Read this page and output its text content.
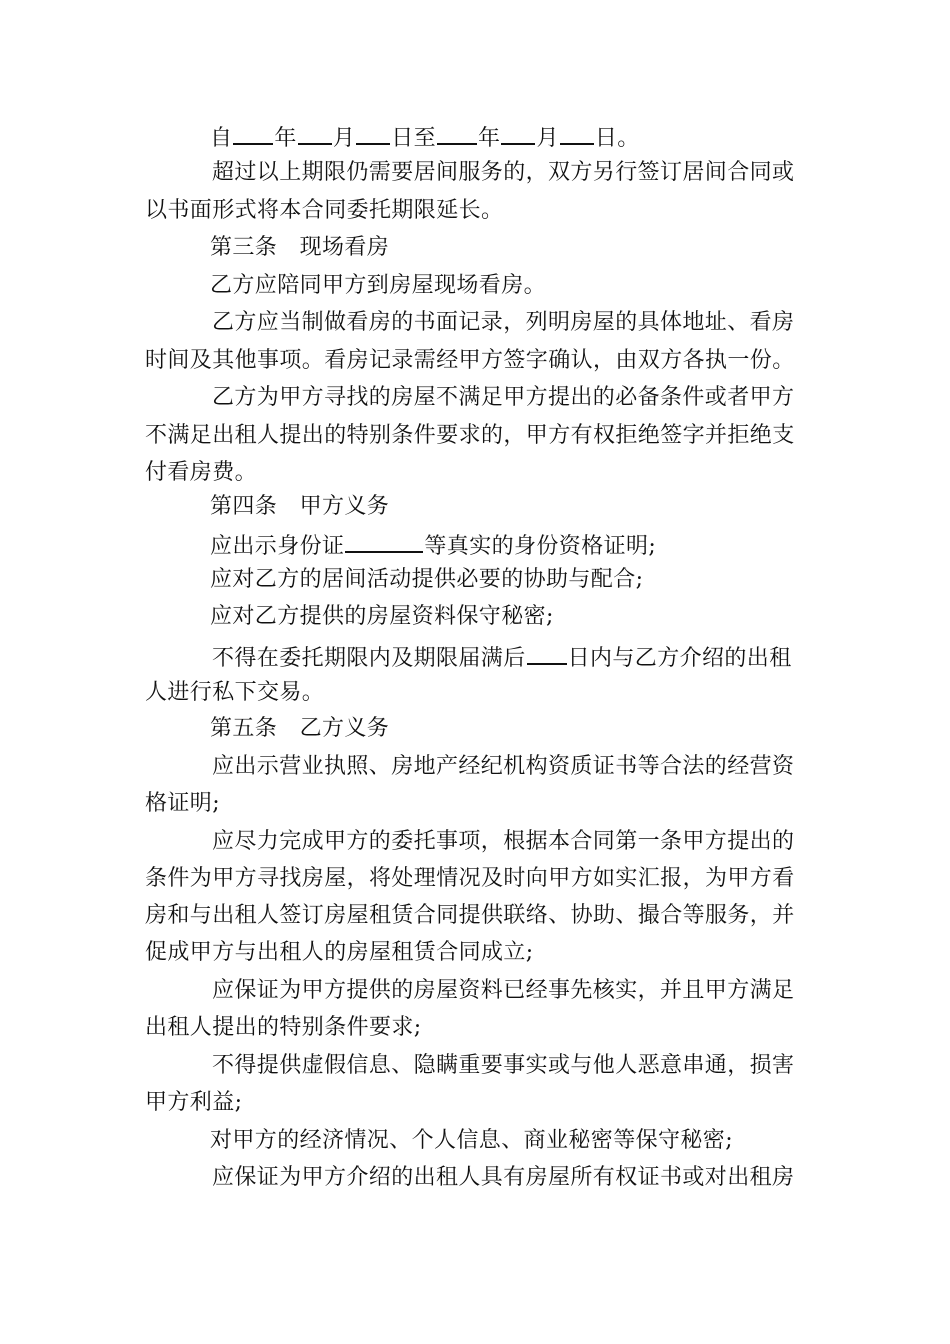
自 年 月 日至 年 月 日。
超过以上期限仍需要居间服务的，双方另行签订居间合同或
以书面形式将本合同委托期限延长。
第三条　现场看房
乙方应陪同甲方到房屋现场看房。
乙方应当制做看房的书面记录，列明房屋的具体地址、看房
时间及其他事项。看房记录需经甲方签字确认，由双方各执一份。
乙方为甲方寻找的房屋不满足甲方提出的必备条件或者甲方
不满足出租人提出的特别条件要求的，甲方有权拒绝签字并拒绝支
付看房费。
第四条　甲方义务
应出示身份证	等真实的身份资格证明;
应对乙方的居间活动提供必要的协助与配合;
应对乙方提供的房屋资料保守秘密;
不得在委托期限内及期限届满后 日内与乙方介绍的出租
人进行私下交易。
第五条　乙方义务
应出示营业执照、房地产经纪机构资质证书等合法的经营资
格证明;
应尽力完成甲方的委托事项，根据本合同第一条甲方提出的
条件为甲方寻找房屋，将处理情况及时向甲方如实汇报，为甲方看
房和与出租人签订房屋租赁合同提供联络、协助、撮合等服务，并
促成甲方与出租人的房屋租赁合同成立;
应保证为甲方提供的房屋资料已经事先核实，并且甲方满足
出租人提出的特别条件要求;
不得提供虚假信息、隐瞒重要事实或与他人恶意串通，损害
甲方利益;
对甲方的经济情况、个人信息、商业秘密等保守秘密;
应保证为甲方介绍的出租人具有房屋所有权证书或对出租房
